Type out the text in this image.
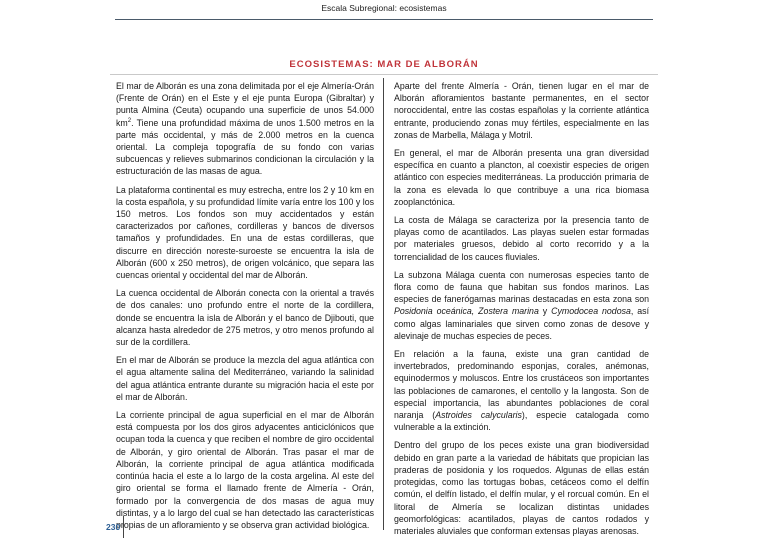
Escala Subregional: ecosistemas
ECOSISTEMAS: MAR DE ALBORÁN

El mar de Alborán es una zona delimitada por el eje Almería-Orán (Frente de Orán) en el Este y el eje punta Europa (Gibraltar) y punta Almina (Ceuta) ocupando una superficie de unos 54.000 $km^2$. Tiene una profundidad máxima de unos 1.500 metros en la parte más occidental, y más de 2.000 metros en la cuenca oriental. La compleja topografía de su fondo con varias subcuencas y relieves submarinos condicionan la circulación y la estructuración de las masas de agua.

La plataforma continental es muy estrecha, entre los 2 y 10 km en la costa española, y su profundidad límite varía entre los 100 y los 150 metros. Los fondos son muy accidentados y están caracterizados por cañones, cordilleras y bancos de diversos tamaños y profundidades. En una de estas cordilleras, que discurre en dirección noreste-suroeste se encuentra la isla de Alborán (600 x 250 metros), de origen volcánico, que separa las cuencas oriental y occidental del mar de Alborán.

La cuenca occidental de Alborán conecta con la oriental a través de dos canales: uno profundo entre el norte de la cordillera, donde se encuentra la isla de Alborán y el banco de Djibouti, que alcanza hasta alrededor de 275 metros, y otro menos profundo al sur de la cordillera.

En el mar de Alborán se produce la mezcla del agua atlántica con el agua altamente salina del Mediterráneo, variando la salinidad del agua atlántica entrante durante su migración hacia el este por el mar de Alborán.

La corriente principal de agua superficial en el mar de Alborán está compuesta por los dos giros adyacentes anticiclónicos que ocupan toda la cuenca y que reciben el nombre de giro occidental de Alborán, y giro oriental de Alborán. Tras pasar el mar de Alborán, la corriente principal de agua atlántica modificada continúa hacia el este a lo largo de la costa argelina. Al este del giro oriental se forma el llamado frente de Almería - Orán, formado por la convergencia de dos masas de agua muy distintas, y a lo largo del cual se han detectado las características propias de un afloramiento y se observa gran actividad biológica.

Aparte del frente Almería - Orán, tienen lugar en el mar de Alborán afloramientos bastante permanentes, en el sector noroccidental, entre las costas españolas y la corriente atlántica entrante, produciendo zonas muy fértiles, especialmente en las zonas de Marbella, Málaga y Motril.

En general, el mar de Alborán presenta una gran diversidad específica en cuanto a plancton, al coexistir especies de origen atlántico con especies mediterráneas. La producción primaria de la zona es elevada lo que contribuye a una rica biomasa zooplanctónica.

La costa de Málaga se caracteriza por la presencia tanto de playas como de acantilados. Las playas suelen estar formadas por materiales gruesos, debido al corto recorrido y a la torrencialidad de los cauces fluviales.

La subzona Málaga cuenta con numerosas especies tanto de flora como de fauna que habitan sus fondos marinos. Las especies de fanerógamas marinas destacadas en esta zona son Posidonia oceánica, Zostera marina y Cymodocea nodosa, así como algas laminariales que sirven como zonas de desove y alevinaje de muchas especies de peces.

En relación a la fauna, existe una gran cantidad de invertebrados, predominando esponjas, corales, anémonas, equinodermos y moluscos. Entre los crustáceos son importantes las poblaciones de camarones, el centollo y la langosta. Son de especial importancia, las abundantes poblaciones de coral naranja (Astroides calycularis), especie catalogada como vulnerable a la extinción.

Dentro del grupo de los peces existe una gran biodiversidad debido en gran parte a la variedad de hábitats que propician las praderas de posidonia y los roquedos. Algunas de ellas están protegidas, como las tortugas bobas, cetáceos como el delfín común, el delfín listado, el delfín mular, y el rorcual común. En el litoral de Almería se localizan distintas unidades geomorfológicas: acantilados, playas de cantos rodados y materiales aluviales que conforman extensas playas arenosas.

230
